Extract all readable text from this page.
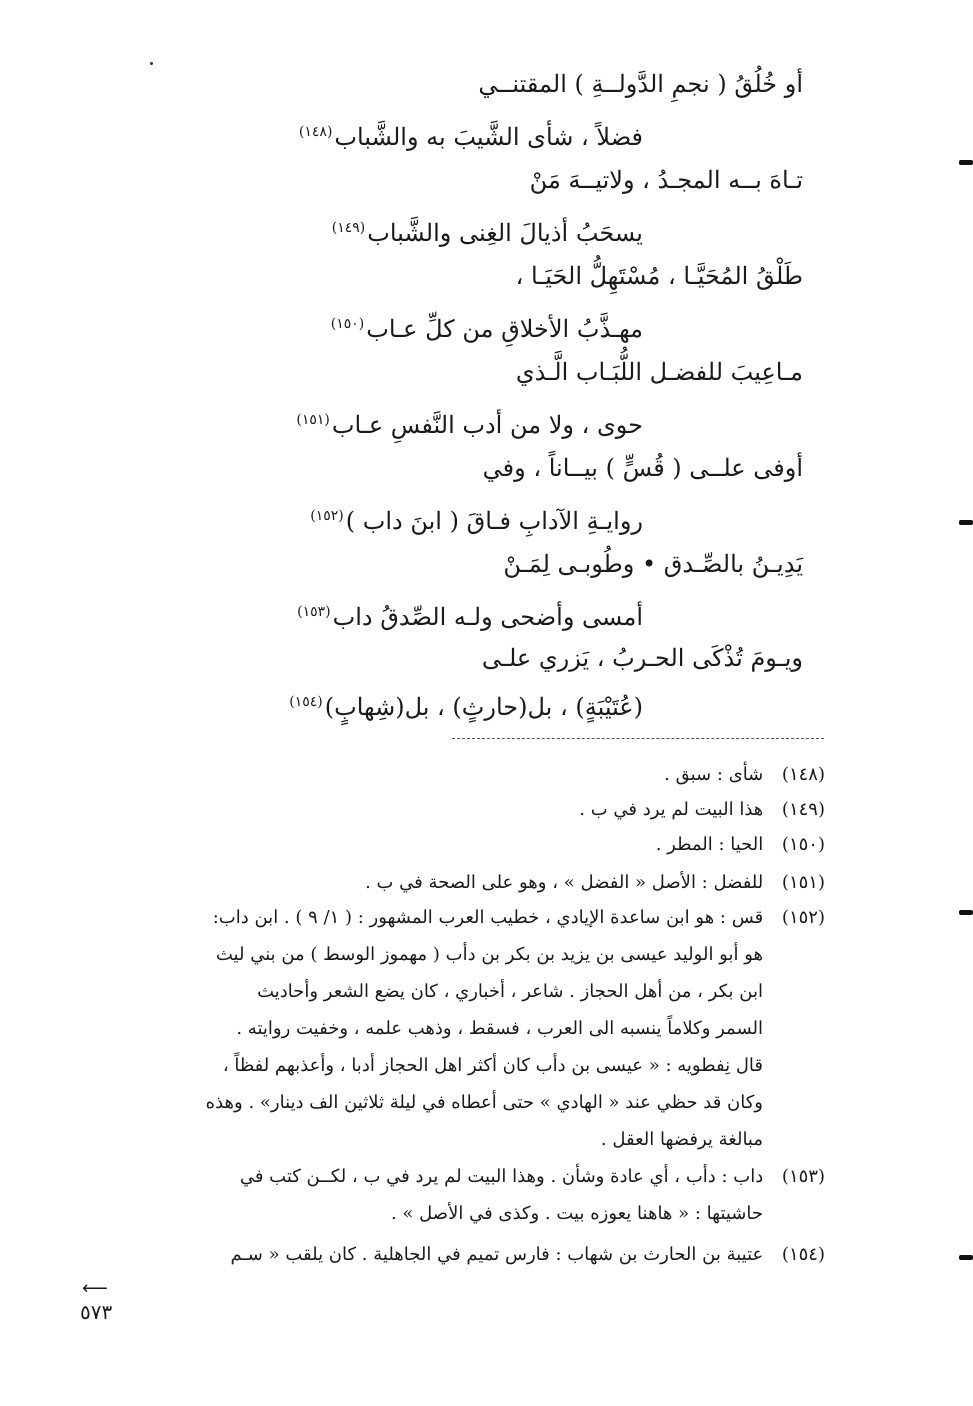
أو خُلُقُ ( نجمِ الدَّولــةِ ) المقتنــي
فضلاً ، شأى الشَّيبَ به والشَّباب$^{(١٤٨)}$
تـاهَ بــه المجـدُ ، ولاتيــهَ مَنْ
يسحَبُ أذيالَ الغِنى والشَّباب$^{(١٤٩)}$
طَلْقُ المُحَيَّـا ، مُسْتَهِلُّ الحَيَـا ،
مهـذَّبُ الأخلاقِ من كلِّ عـاب$^{(١٥٠)}$
مـاعِيبَ للفضـل اللُّبَـاب الَّـذي
حوى ، ولا من أدب النَّفسِ عـاب$^{(١٥١)}$
أوفى علــى ( قُسٍّ ) بيــاناً ، وفي
روايـةِ الآدابِ فـاقَ ( ابنَ داب )$^{(١٥٢)}$
يَدِيـنُ بالصِّـدق • وطُوبـى لِمَـنْ
أمسى وأضحى ولـه الصِّدقُ داب$^{(١٥٣)}$
ويـومَ تُذْكَى الحـربُ ، يَزري علـى
(عُتَيْبَةٍ) ، بل(حارثٍ) ، بل(شِهابٍ)$^{(١٥٤)}$
(١٤٨) شأى : سبق .
(١٤٩) هذا البيت لم يرد في ب .
(١٥٠) الحيا : المطر .
(١٥١) للفضل : الأصل « الفضل » ، وهو على الصحة في ب .
(١٥٢) قس : هو ابن ساعدة الإيادي ، خطيب العرب المشهور : ( ١/ ٩ ) . ابن داب:
هو أبو الوليد عيسى بن يزيد بن بكر بن دأب ( مهموز الوسط ) من بني ليث
ابن بكر ، من أهل الحجاز . شاعر ، أخباري ، كان يضع الشعر وأحاديث
السمر وكلاماً ينسبه الى العرب ، فسقط ، وذهب علمه ، وخفيت روايته .
قال نِفطويه : « عيسى بن دأب كان أكثر اهل الحجاز أدبا ، وأعذبهم لفظاً ،
وكان قد حظي عند « الهادي » حتى أعطاه في ليلة ثلاثين الف دينار» . وهذه
مبالغة يرفضها العقل .
(١٥٣) داب : دأب ، أي عادة وشأن . وهذا البيت لم يرد في ب ، لكــن كتب في
حاشيتها : « هاهنا يعوزه بيت . وكذى في الأصل » .
(١٥٤) عتيبة بن الحارث بن شهاب : فارس تميم في الجاهلية . كان يلقب « سـم
⟵
٥٧٣
